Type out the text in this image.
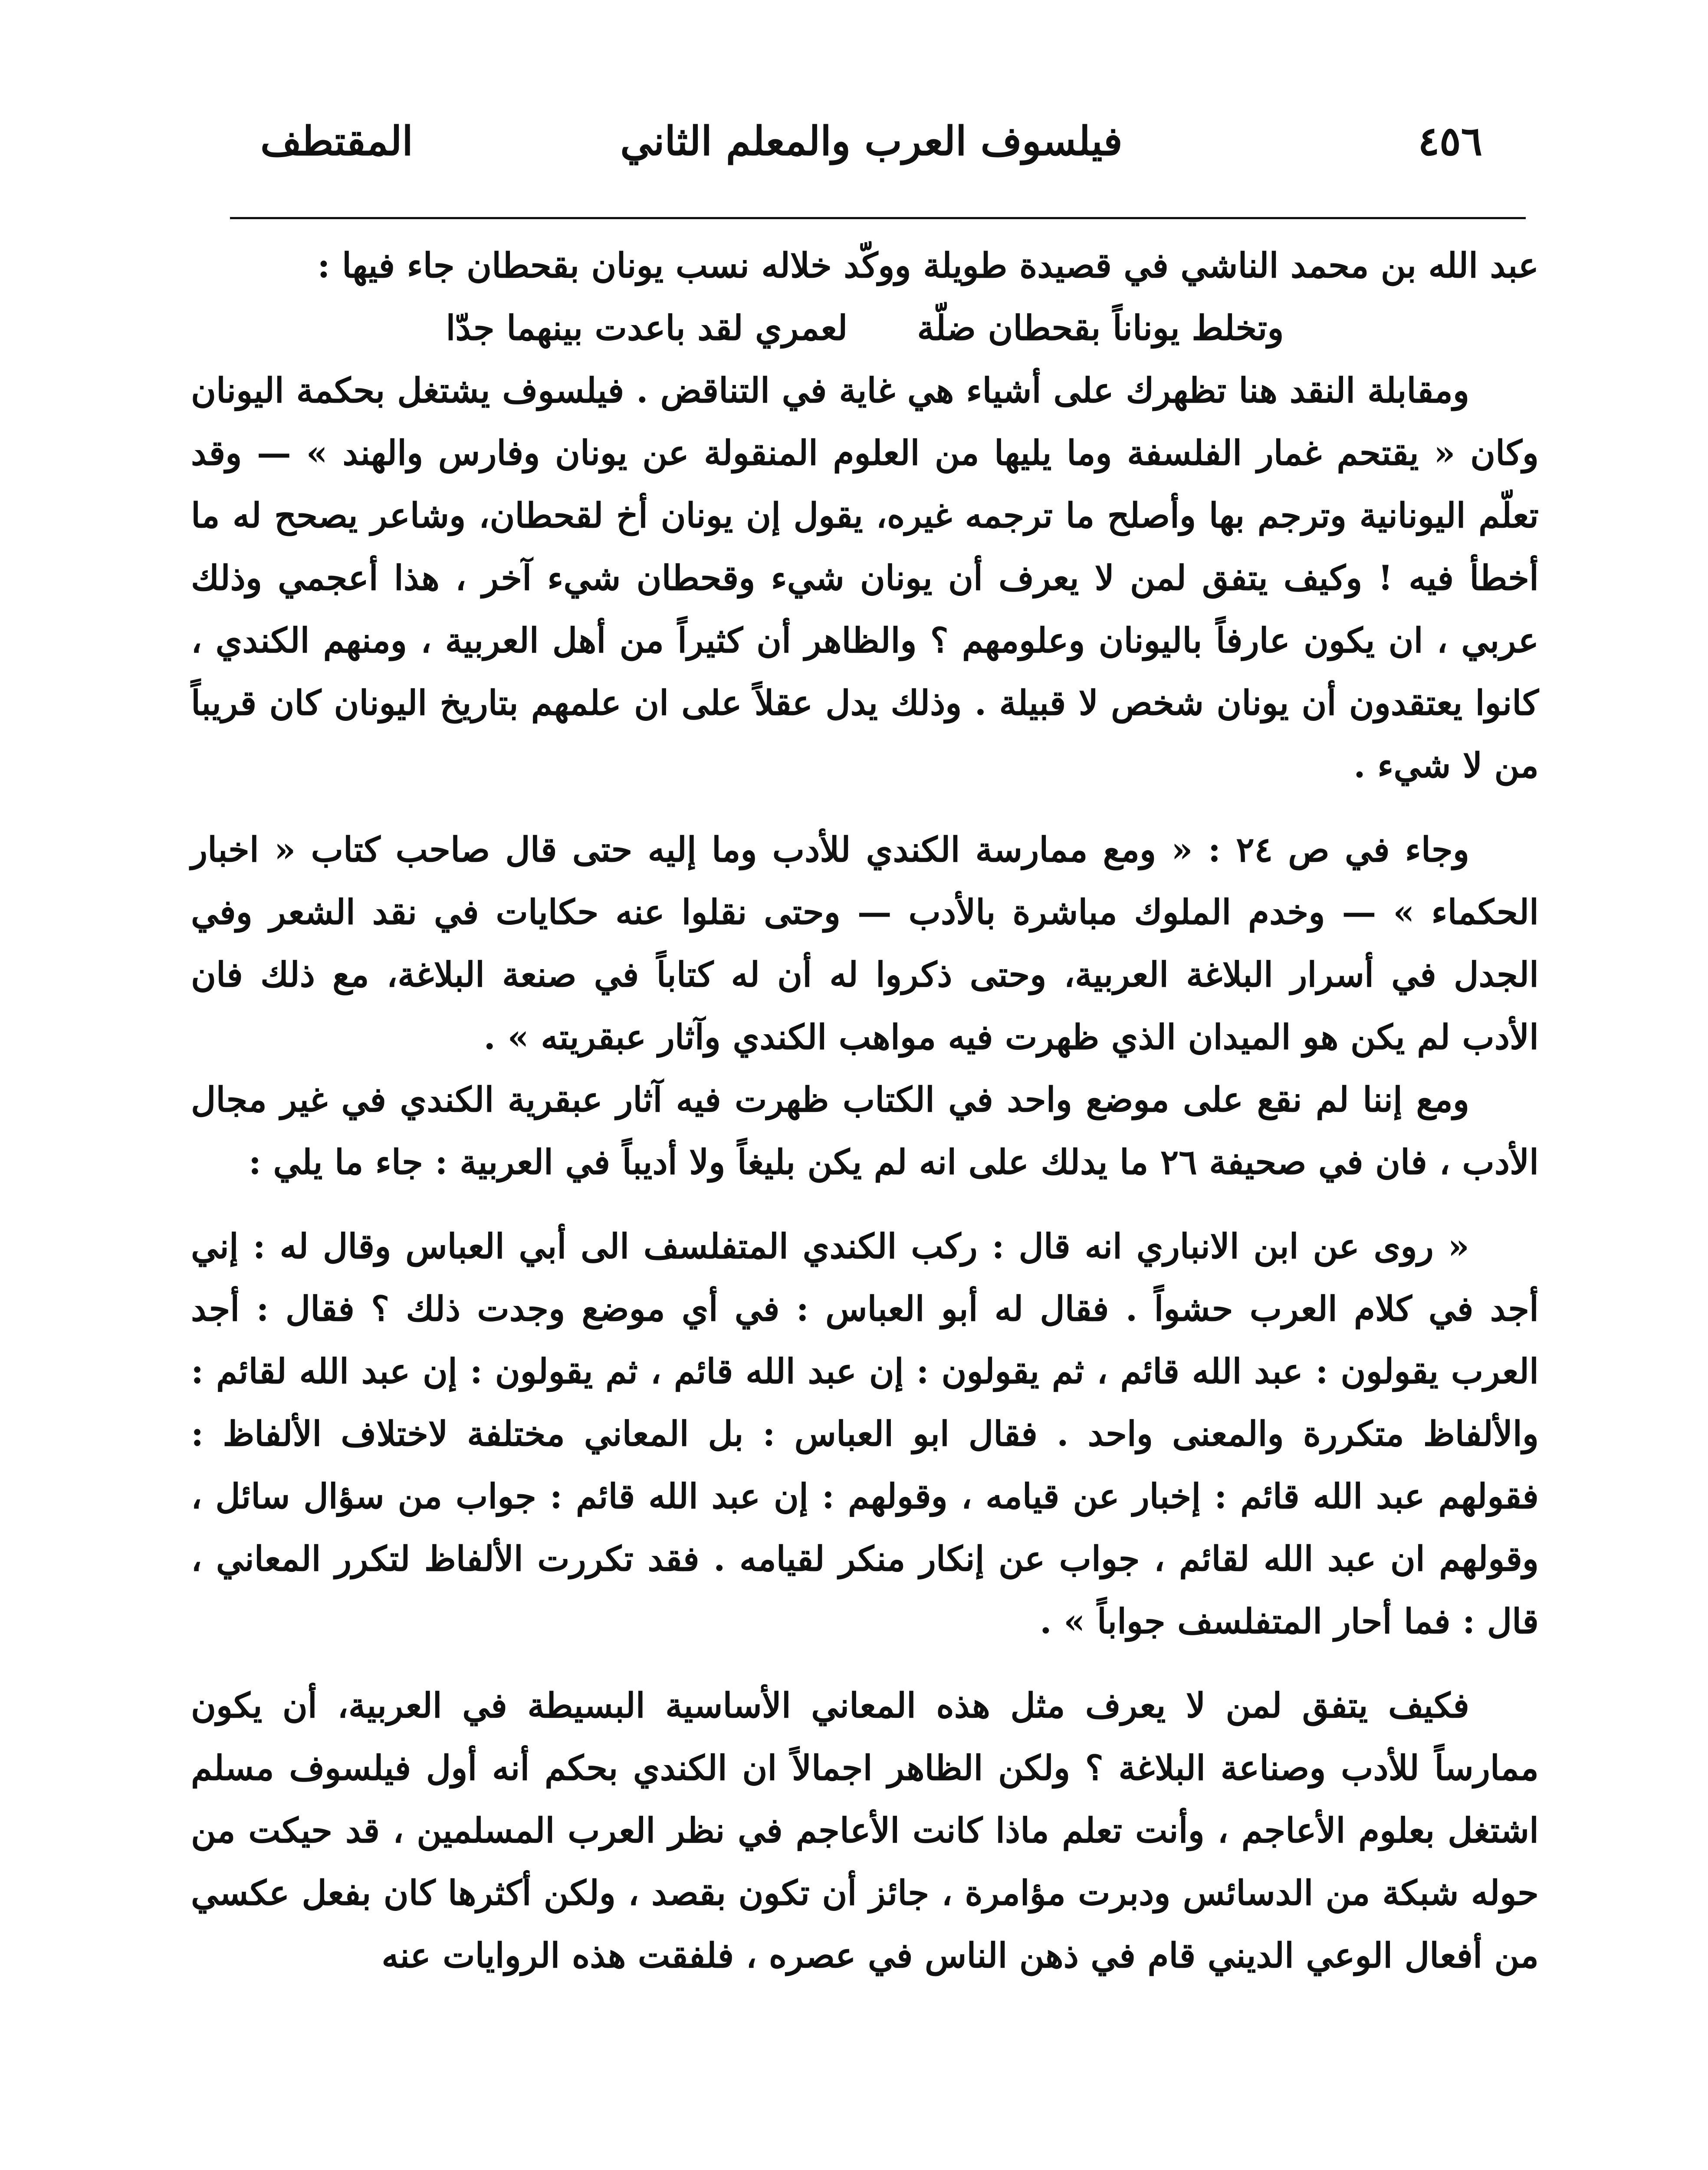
٤٥٦
فيلسوف العرب والمعلم الثاني
المقتطف

عبد الله بن محمد الناشي في قصيدة طويلة ووكّد خلاله نسب يونان بقحطان جاء فيها :

وتخلط يوناناً بقحطان ضلّة
لعمري لقد باعدت بينهما جدّا

ومقابلة النقد هنا تظهرك على أشياء هي غاية في التناقض . فيلسوف يشتغل بحكمة اليونان وكان « يقتحم غمار الفلسفة وما يليها من العلوم المنقولة عن يونان وفارس والهند » — وقد تعلّم اليونانية وترجم بها وأصلح ما ترجمه غيره، يقول إن يونان أخ لقحطان، وشاعر يصحح له ما أخطأ فيه ! وكيف يتفق لمن لا يعرف أن يونان شيء وقحطان شيء آخر ، هذا أعجمي وذلك عربي ، ان يكون عارفاً باليونان وعلومهم ؟ والظاهر أن كثيراً من أهل العربية ، ومنهم الكندي ، كانوا يعتقدون أن يونان شخص لا قبيلة . وذلك يدل عقلاً على ان علمهم بتاريخ اليونان كان قريباً من لا شيء .

وجاء في ص ٢٤ : « ومع ممارسة الكندي للأدب وما إليه حتى قال صاحب كتاب « اخبار الحكماء » — وخدم الملوك مباشرة بالأدب — وحتى نقلوا عنه حكايات في نقد الشعر وفي الجدل في أسرار البلاغة العربية، وحتى ذكروا له أن له كتاباً في صنعة البلاغة، مع ذلك فان الأدب لم يكن هو الميدان الذي ظهرت فيه مواهب الكندي وآثار عبقريته » .

ومع إننا لم نقع على موضع واحد في الكتاب ظهرت فيه آثار عبقرية الكندي في غير مجال الأدب ، فان في صحيفة ٢٦ ما يدلك على انه لم يكن بليغاً ولا أديباً في العربية : جاء ما يلي :

« روى عن ابن الانباري انه قال : ركب الكندي المتفلسف الى أبي العباس وقال له : إني أجد في كلام العرب حشواً . فقال له أبو العباس : في أي موضع وجدت ذلك ؟ فقال : أجد العرب يقولون : عبد الله قائم ، ثم يقولون : إن عبد الله قائم ، ثم يقولون : إن عبد الله لقائم : والألفاظ متكررة والمعنى واحد . فقال ابو العباس : بل المعاني مختلفة لاختلاف الألفاظ : فقولهم عبد الله قائم : إخبار عن قيامه ، وقولهم : إن عبد الله قائم : جواب من سؤال سائل ، وقولهم ان عبد الله لقائم ، جواب عن إنكار منكر لقيامه . فقد تكررت الألفاظ لتكرر المعاني ، قال : فما أحار المتفلسف جواباً » .

فكيف يتفق لمن لا يعرف مثل هذه المعاني الأساسية البسيطة في العربية، أن يكون ممارساً للأدب وصناعة البلاغة ؟ ولكن الظاهر اجمالاً ان الكندي بحكم أنه أول فيلسوف مسلم اشتغل بعلوم الأعاجم ، وأنت تعلم ماذا كانت الأعاجم في نظر العرب المسلمين ، قد حيكت من حوله شبكة من الدسائس ودبرت مؤامرة ، جائز أن تكون بقصد ، ولكن أكثرها كان بفعل عكسي من أفعال الوعي الديني قام في ذهن الناس في عصره ، فلفقت هذه الروايات عنه
